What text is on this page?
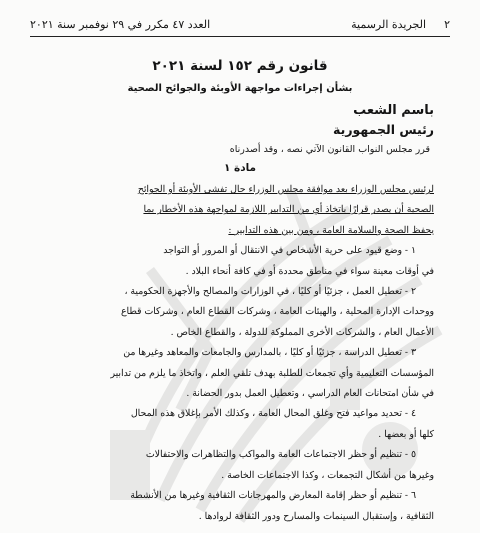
٢
الجريدة الرسمية
العدد ٤٧ مكرر في ٢٩ نوفمبر سنة ٢٠٢١
قانون رقم ١٥٢ لسنة ٢٠٢١
بشأن إجراءات مواجهة الأوبئة والجوائح الصحية
باسم الشعب
رئيس الجمهورية
قرر مجلس النواب القانون الآتي نصه ، وقد أصدرناه
مادة ١

لرئيس مجلس الوزراء بعد موافقة مجلس الوزراء حال تفشى الأوبئة أو الجوائح
الصحية أن يصدر قرارًا باتخاذ أي من التدابير اللازمة لمواجهة هذه الأخطار بما
يحفظ الصحة والسلامة العامة ، ومن بين هذه التدابير :

١ - وضع قيود على حرية الأشخاص في الانتقال أو المرور أو التواجد
في أوقات معينة سواء في مناطق محددة أو في كافة أنحاء البلاد .

٢ - تعطيل العمل ، جزئيًا أو كليًا ، في الوزارات والمصالح والأجهزة الحكومية ،
ووحدات الإدارة المحلية ، والهيئات العامة ، وشركات القطاع العام ، وشركات قطاع
الأعمال العام ، والشركات الأخرى المملوكة للدولة ، والقطاع الخاص .

٣ - تعطيل الدراسة ، جزئيًا أو كليًا ، بالمدارس والجامعات والمعاهد وغيرها من
المؤسسات التعليمية وأي تجمعات للطلبة بهدف تلقي العلم ، واتخاذ ما يلزم من تدابير
في شأن امتحانات العام الدراسي ، وتعطيل العمل بدور الحضانة .

٤ - تحديد مواعيد فتح وغلق المحال العامة ، وكذلك الأمر بإغلاق هذه المحال
كلها أو بعضها .

٥ - تنظيم أو حظر الاجتماعات العامة والمواكب والتظاهرات والاحتفالات
وغيرها من أشكال التجمعات ، وكذا الاجتماعات الخاصة .

٦ - تنظيم أو حظر إقامة المعارض والمهرجانات الثقافية وغيرها من الأنشطة
الثقافية ، وإستقبال السينمات والمسارح ودور الثقافة لروادها .
